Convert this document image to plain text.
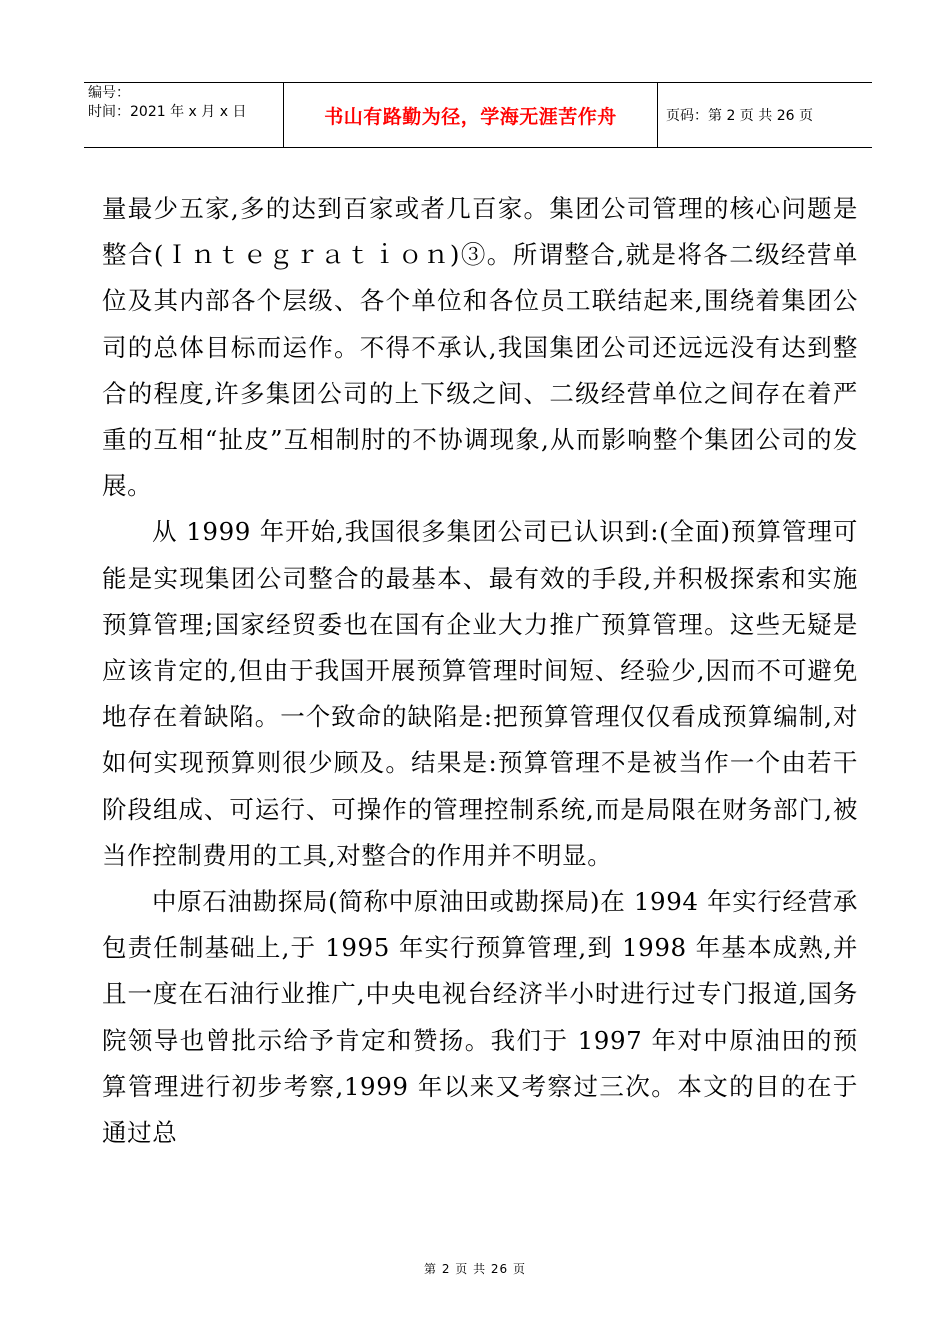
编号：
时间：2021 年 x 月 x 日	书山有路勤为径，学海无涯苦作舟	页码：第 2 页 共 26 页

量最少五家,多的达到百家或者几百家。集团公司管理的核心问题是整合(Ｉｎｔｅｇｒａｔｉｏｎ)③。所谓整合,就是将各二级经营单位及其内部各个层级、各个单位和各位员工联结起来,围绕着集团公司的总体目标而运作。不得不承认,我国集团公司还远远没有达到整合的程度,许多集团公司的上下级之间、二级经营单位之间存在着严重的互相“扯皮”互相制肘的不协调现象,从而影响整个集团公司的发展。

从 1999 年开始,我国很多集团公司已认识到:(全面)预算管理可能是实现集团公司整合的最基本、最有效的手段,并积极探索和实施预算管理;国家经贸委也在国有企业大力推广预算管理。这些无疑是应该肯定的,但由于我国开展预算管理时间短、经验少,因而不可避免地存在着缺陷。一个致命的缺陷是:把预算管理仅仅看成预算编制,对如何实现预算则很少顾及。结果是:预算管理不是被当作一个由若干阶段组成、可运行、可操作的管理控制系统,而是局限在财务部门,被当作控制费用的工具,对整合的作用并不明显。

中原石油勘探局(简称中原油田或勘探局)在 1994 年实行经营承包责任制基础上,于 1995 年实行预算管理,到 1998 年基本成熟,并且一度在石油行业推广,中央电视台经济半小时进行过专门报道,国务院领导也曾批示给予肯定和赞扬。我们于 1997 年对中原油田的预算管理进行初步考察,1999 年以来又考察过三次。本文的目的在于通过总

第 2 页 共 26 页
